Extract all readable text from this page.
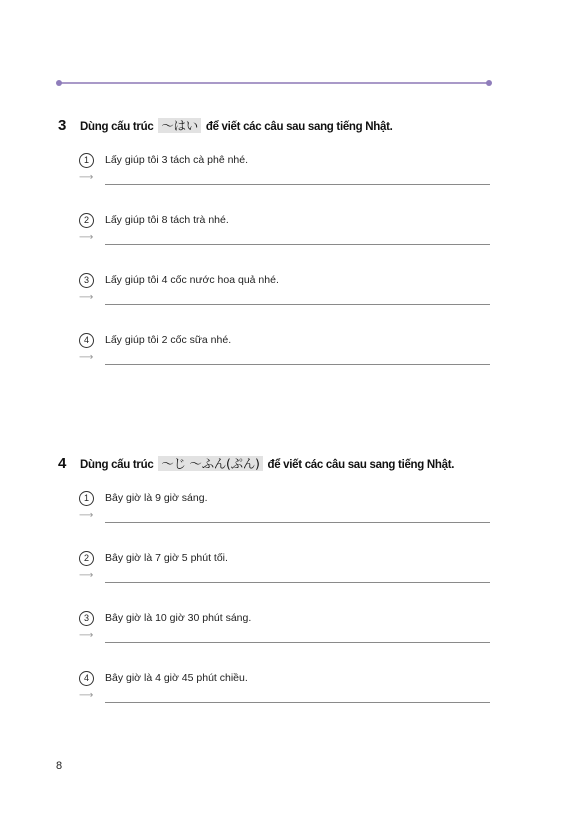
3	Dùng cấu trúc 〜はい để viết các câu sau sang tiếng Nhật.
1	Lấy giúp tôi 3 tách cà phê nhé.
⟶
2	Lấy giúp tôi 8 tách trà nhé.
⟶
3	Lấy giúp tôi 4 cốc nước hoa quả nhé.
⟶
4	Lấy giúp tôi 2 cốc sữa nhé.
⟶
4	Dùng cấu trúc 〜じ 〜ふん(ぷん) để viết các câu sau sang tiếng Nhật.
1	Bây giờ là 9 giờ sáng.
⟶
2	Bây giờ là 7 giờ 5 phút tối.
⟶
3	Bây giờ là 10 giờ 30 phút sáng.
⟶
4	Bây giờ là 4 giờ 45 phút chiều.
⟶
8
